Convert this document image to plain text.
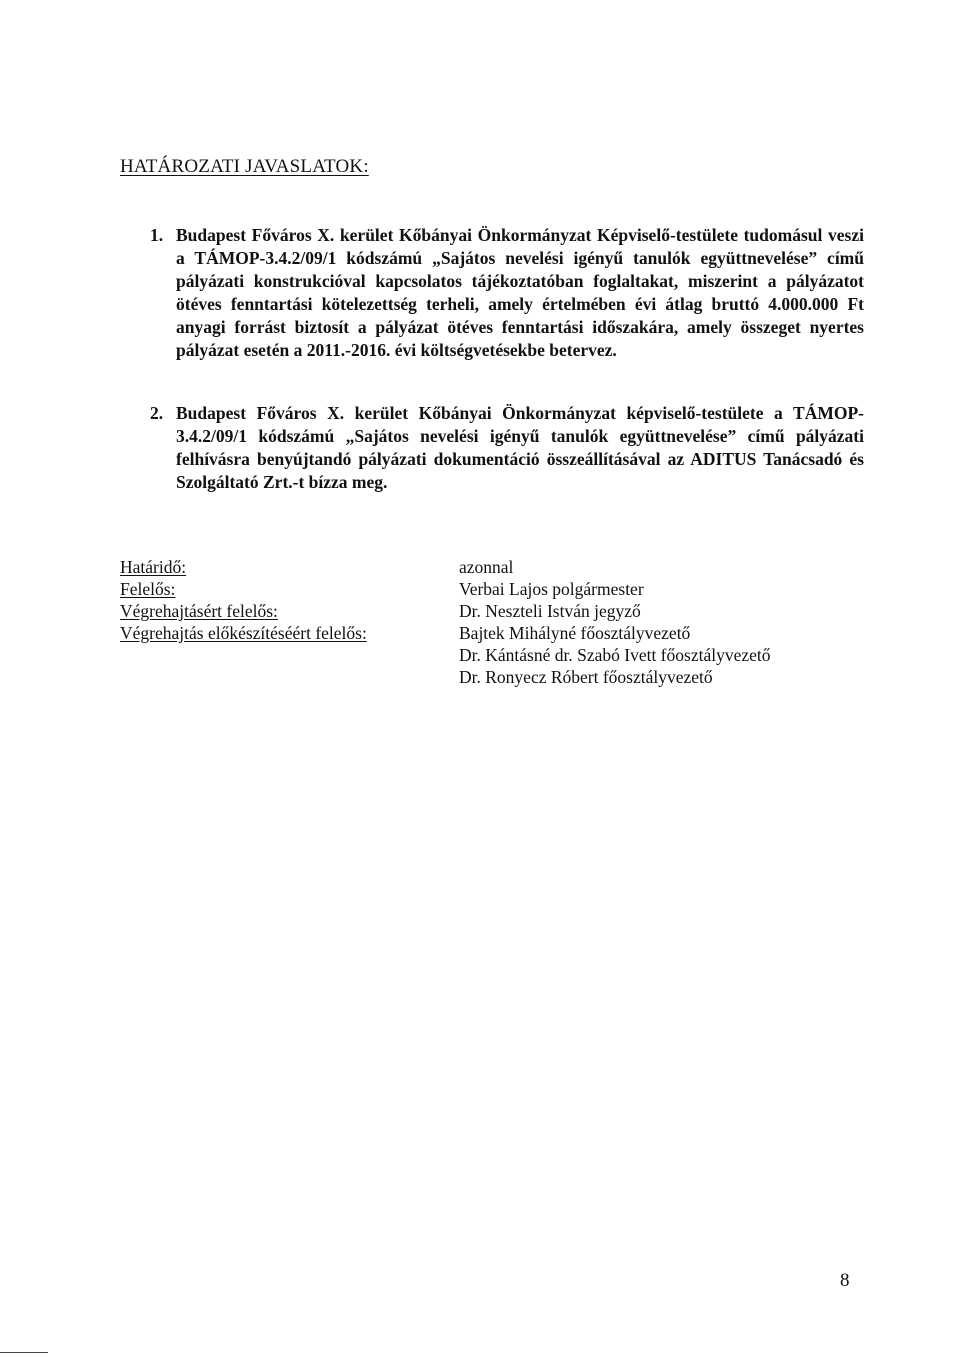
HATÁROZATI JAVASLATOK:
1. Budapest Főváros X. kerület Kőbányai Önkormányzat Képviselő-testülete tudomásul veszi a TÁMOP-3.4.2/09/1 kódszámú „Sajátos nevelési igényű tanulók együttnevelése” című pályázati konstrukcióval kapcsolatos tájékoztatóban foglaltakat, miszerint a pályázatot ötéves fenntartási kötelezettség terheli, amely értelmében évi átlag bruttó 4.000.000 Ft anyagi forrást biztosít a pályázat ötéves fenntartási időszakára, amely összeget nyertes pályázat esetén a 2011.-2016. évi költségvetésekbe betervez.
2. Budapest Főváros X. kerület Kőbányai Önkormányzat képviselő-testülete a TÁMOP-3.4.2/09/1 kódszámú „Sajátos nevelési igényű tanulók együttnevelése” című pályázati felhívásra benyújtandó pályázati dokumentáció összeállításával az ADITUS Tanácsadó és Szolgáltató Zrt.-t bízza meg.
Határidő:
Felelős:
Végrehajtásért felelős:
Végrehajtás előkészítéséért felelős:
azonnal
Verbai Lajos polgármester
Dr. Neszteli István jegyző
Bajtek Mihályné főosztályvezető
Dr. Kántásné dr. Szabó Ivett főosztályvezető
Dr. Ronyecz Róbert főosztályvezető
8
